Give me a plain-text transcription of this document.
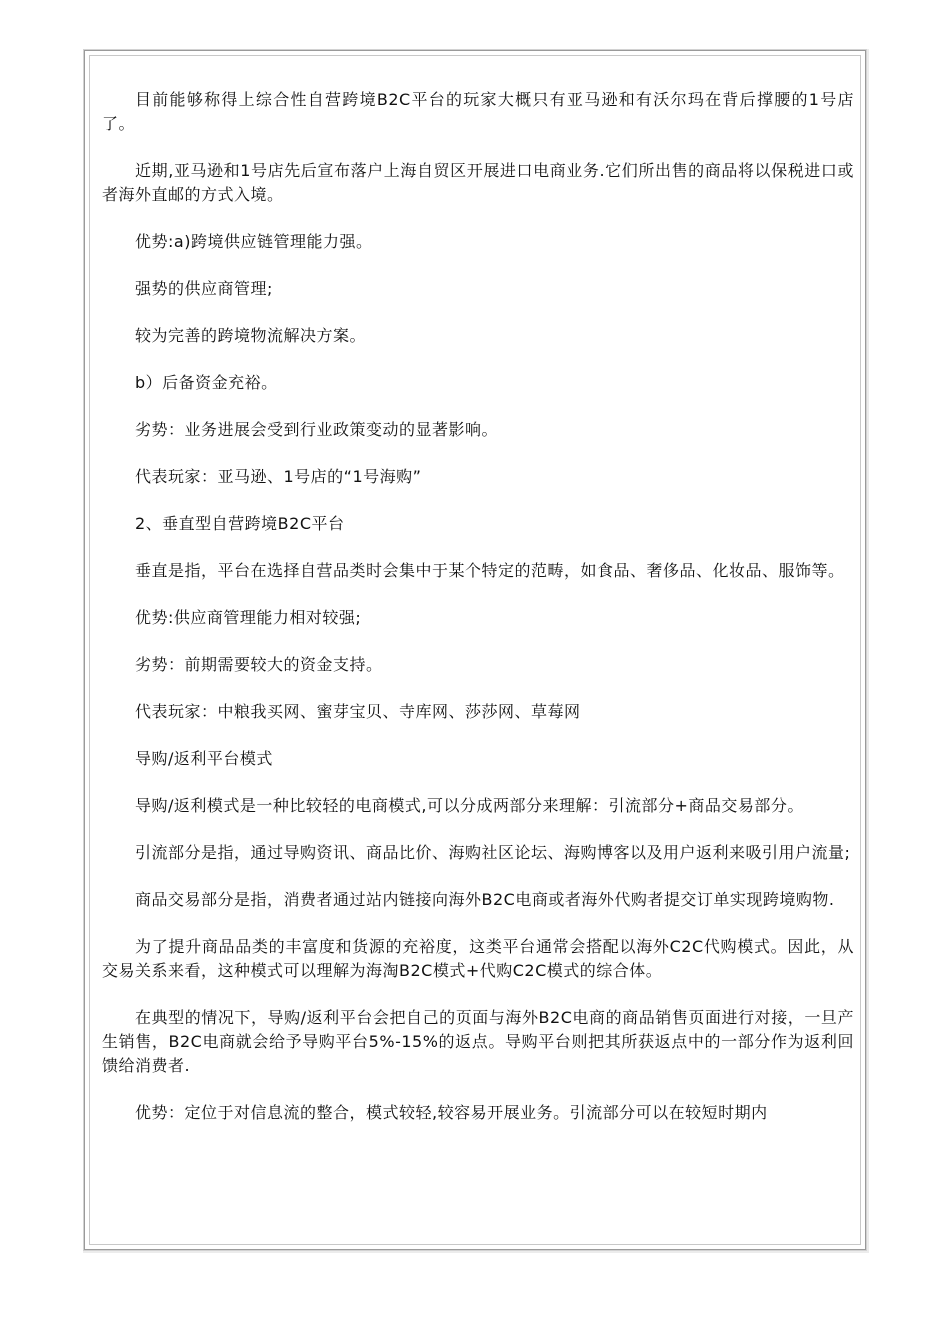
目前能够称得上综合性自营跨境B2C平台的玩家大概只有亚马逊和有沃尔玛在背后撑腰的1号店了。

近期,亚马逊和1号店先后宣布落户上海自贸区开展进口电商业务.它们所出售的商品将以保税进口或者海外直邮的方式入境。

优势:a)跨境供应链管理能力强。

强势的供应商管理;

较为完善的跨境物流解决方案。

b）后备资金充裕。

劣势：业务进展会受到行业政策变动的显著影响。

代表玩家：亚马逊、1号店的“1号海购”

2、垂直型自营跨境B2C平台

垂直是指，平台在选择自营品类时会集中于某个特定的范畴，如食品、奢侈品、化妆品、服饰等。

优势:供应商管理能力相对较强;

劣势：前期需要较大的资金支持。

代表玩家：中粮我买网、蜜芽宝贝、寺库网、莎莎网、草莓网

导购/返利平台模式

导购/返利模式是一种比较轻的电商模式,可以分成两部分来理解：引流部分+商品交易部分。

引流部分是指，通过导购资讯、商品比价、海购社区论坛、海购博客以及用户返利来吸引用户流量;

商品交易部分是指，消费者通过站内链接向海外B2C电商或者海外代购者提交订单实现跨境购物.

为了提升商品品类的丰富度和货源的充裕度，这类平台通常会搭配以海外C2C代购模式。因此，从交易关系来看，这种模式可以理解为海淘B2C模式+代购C2C模式的综合体。

在典型的情况下，导购/返利平台会把自己的页面与海外B2C电商的商品销售页面进行对接，一旦产生销售，B2C电商就会给予导购平台5%-15%的返点。导购平台则把其所获返点中的一部分作为返利回馈给消费者.

优势：定位于对信息流的整合，模式较轻,较容易开展业务。引流部分可以在较短时期内
